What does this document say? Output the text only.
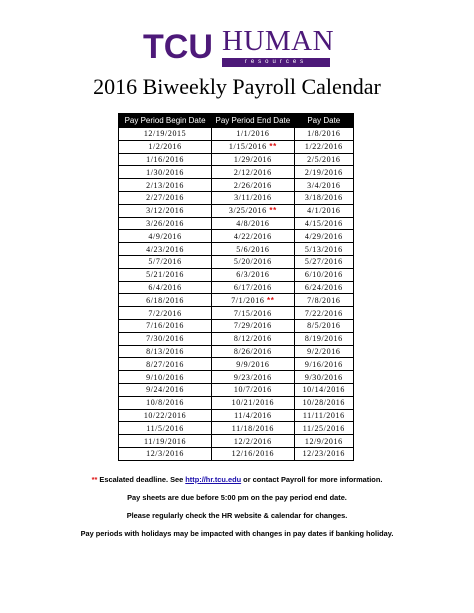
TCU HUMAN
resources
2016 Biweekly Payroll Calendar
Pay Period Begin Date	Pay Period End Date	Pay Date
12/19/2015	1/1/2016	1/8/2016
1/2/2016	1/15/2016 **	1/22/2016
1/16/2016	1/29/2016	2/5/2016
1/30/2016	2/12/2016	2/19/2016
2/13/2016	2/26/2016	3/4/2016
2/27/2016	3/11/2016	3/18/2016
3/12/2016	3/25/2016 **	4/1/2016
3/26/2016	4/8/2016	4/15/2016
4/9/2016	4/22/2016	4/29/2016
4/23/2016	5/6/2016	5/13/2016
5/7/2016	5/20/2016	5/27/2016
5/21/2016	6/3/2016	6/10/2016
6/4/2016	6/17/2016	6/24/2016
6/18/2016	7/1/2016 **	7/8/2016
7/2/2016	7/15/2016	7/22/2016
7/16/2016	7/29/2016	8/5/2016
7/30/2016	8/12/2016	8/19/2016
8/13/2016	8/26/2016	9/2/2016
8/27/2016	9/9/2016	9/16/2016
9/10/2016	9/23/2016	9/30/2016
9/24/2016	10/7/2016	10/14/2016
10/8/2016	10/21/2016	10/28/2016
10/22/2016	11/4/2016	11/11/2016
11/5/2016	11/18/2016	11/25/2016
11/19/2016	12/2/2016	12/9/2016
12/3/2016	12/16/2016	12/23/2016

** Escalated deadline. See http://hr.tcu.edu or contact Payroll for more information.

Pay sheets are due before 5:00 pm on the pay period end date.

Please regularly check the HR website & calendar for changes.

Pay periods with holidays may be impacted with changes in pay dates if banking holiday.
